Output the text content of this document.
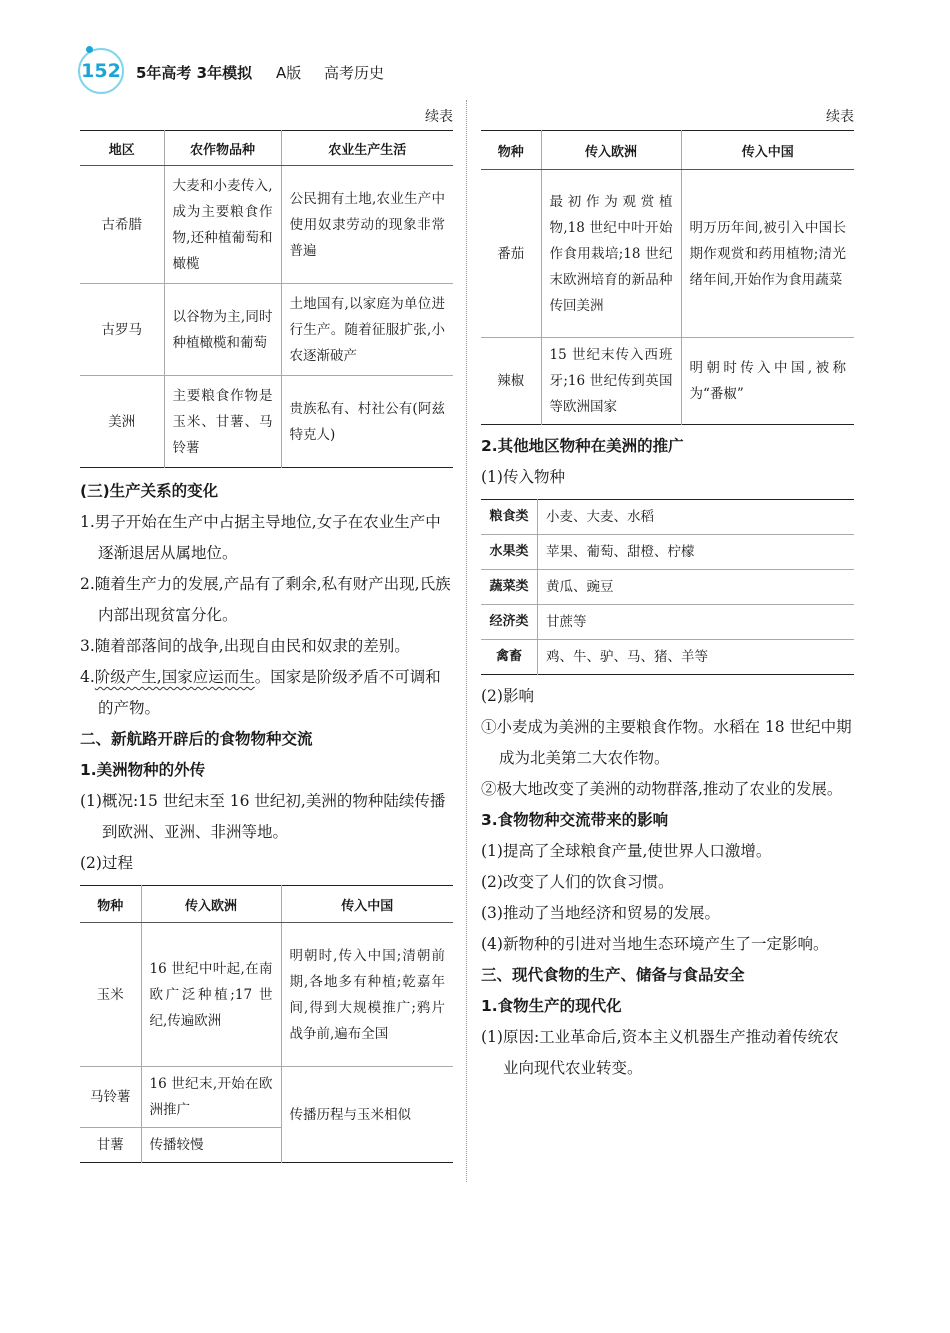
152 5年高考 3年模拟 A版 高考历史
续表
地区	农作物品种	农业生产生活
古希腊	大麦和小麦传入,成为主要粮食作物,还种植葡萄和橄榄	公民拥有土地,农业生产中使用奴隶劳动的现象非常普遍
古罗马	以谷物为主,同时种植橄榄和葡萄	土地国有,以家庭为单位进行生产。随着征服扩张,小农逐渐破产
美洲	主要粮食作物是玉米、甘薯、马铃薯	贵族私有、村社公有(阿兹特克人)
(三)生产关系的变化
1.男子开始在生产中占据主导地位,女子在农业生产中逐渐退居从属地位。
2.随着生产力的发展,产品有了剩余,私有财产出现,氏族内部出现贫富分化。
3.随着部落间的战争,出现自由民和奴隶的差别。
4.阶级产生,国家应运而生。国家是阶级矛盾不可调和的产物。
二、新航路开辟后的食物物种交流
1.美洲物种的外传
(1)概况:15 世纪末至 16 世纪初,美洲的物种陆续传播到欧洲、亚洲、非洲等地。
(2)过程
物种	传入欧洲	传入中国
玉米	16 世纪中叶起,在南欧广泛种植;17 世纪,传遍欧洲	明朝时,传入中国;清朝前期,各地多有种植;乾嘉年间,得到大规模推广;鸦片战争前,遍布全国
马铃薯	16 世纪末,开始在欧洲推广	传播历程与玉米相似
甘薯	传播较慢	
续表
物种	传入欧洲	传入中国
番茄	最初作为观赏植物,18 世纪中叶开始作食用栽培;18 世纪末欧洲培育的新品种传回美洲	明万历年间,被引入中国长期作观赏和药用植物;清光绪年间,开始作为食用蔬菜
辣椒	15 世纪末传入西班牙;16 世纪传到英国等欧洲国家	明朝时传入中国,被称为“番椒”
2.其他地区物种在美洲的推广
(1)传入物种
粮食类	小麦、大麦、水稻
水果类	苹果、葡萄、甜橙、柠檬
蔬菜类	黄瓜、豌豆
经济类	甘蔗等
禽畜	鸡、牛、驴、马、猪、羊等
(2)影响
①小麦成为美洲的主要粮食作物。水稻在 18 世纪中期成为北美第二大农作物。
②极大地改变了美洲的动物群落,推动了农业的发展。
3.食物物种交流带来的影响
(1)提高了全球粮食产量,使世界人口激增。
(2)改变了人们的饮食习惯。
(3)推动了当地经济和贸易的发展。
(4)新物种的引进对当地生态环境产生了一定影响。
三、现代食物的生产、储备与食品安全
1.食物生产的现代化
(1)原因:工业革命后,资本主义机器生产推动着传统农业向现代农业转变。
